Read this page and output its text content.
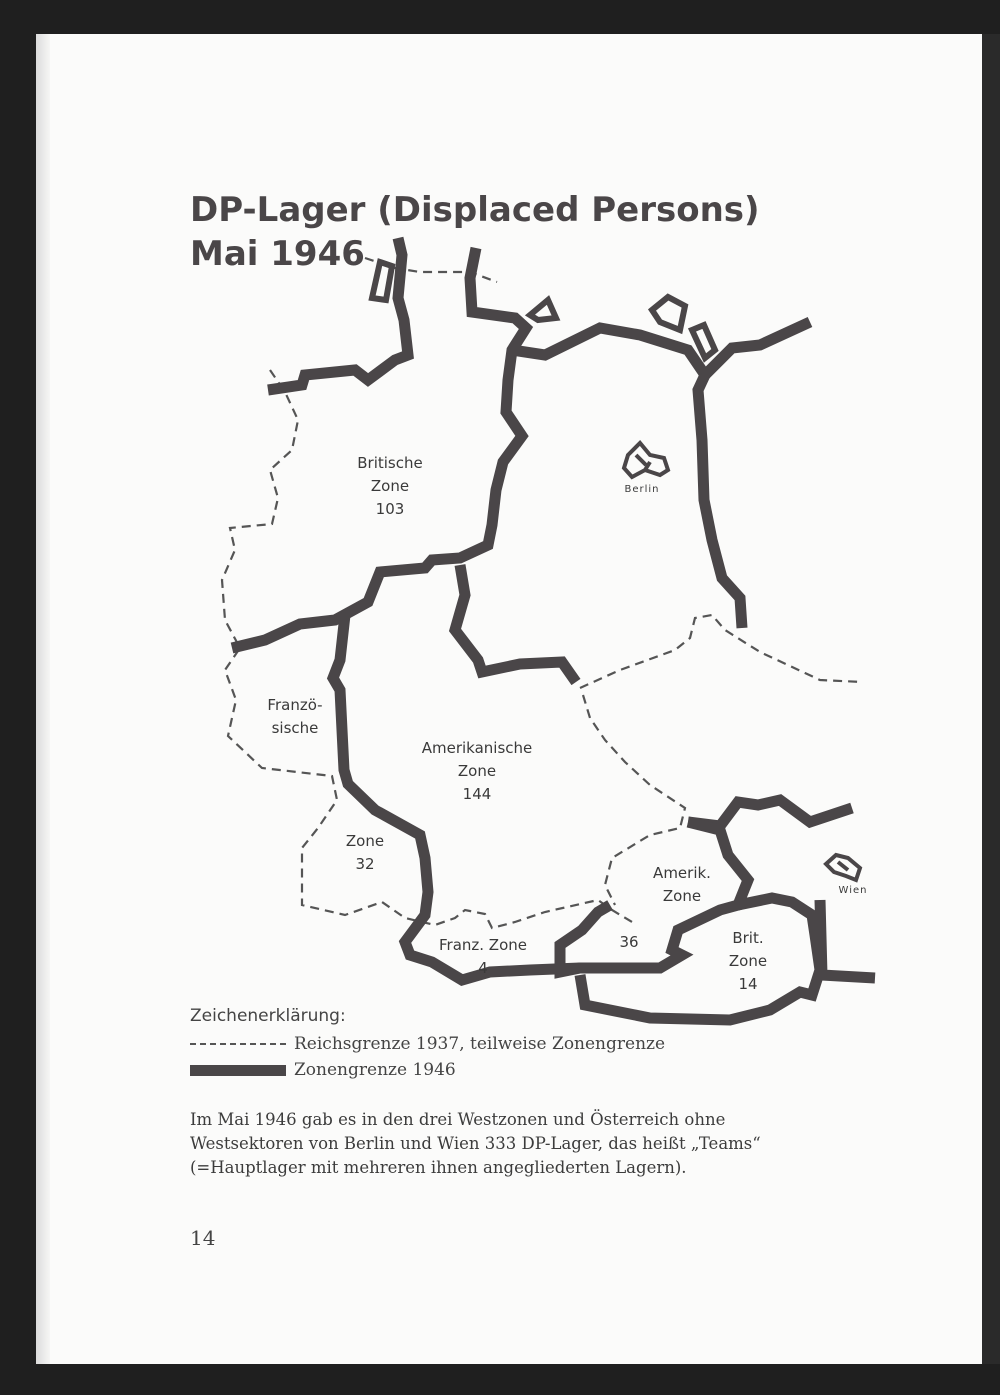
DP-Lager (Displaced Persons)
Mai 1946
Britische
Zone
103
Franzö-
sische
Amerikanische
Zone
144
Zone
32
Franz. Zone
4
Amerik.
Zone
36	Brit.
Zone
14
Berlin
Wien
Zeichenerklärung:
Reichsgrenze 1937, teilweise Zonengrenze
Zonengrenze 1946
Im Mai 1946 gab es in den drei Westzonen und Österreich ohne Westsektoren von Berlin und Wien 333 DP-Lager, das heißt „Teams“ (=Hauptlager mit mehreren ihnen angegliederten Lagern).
14
